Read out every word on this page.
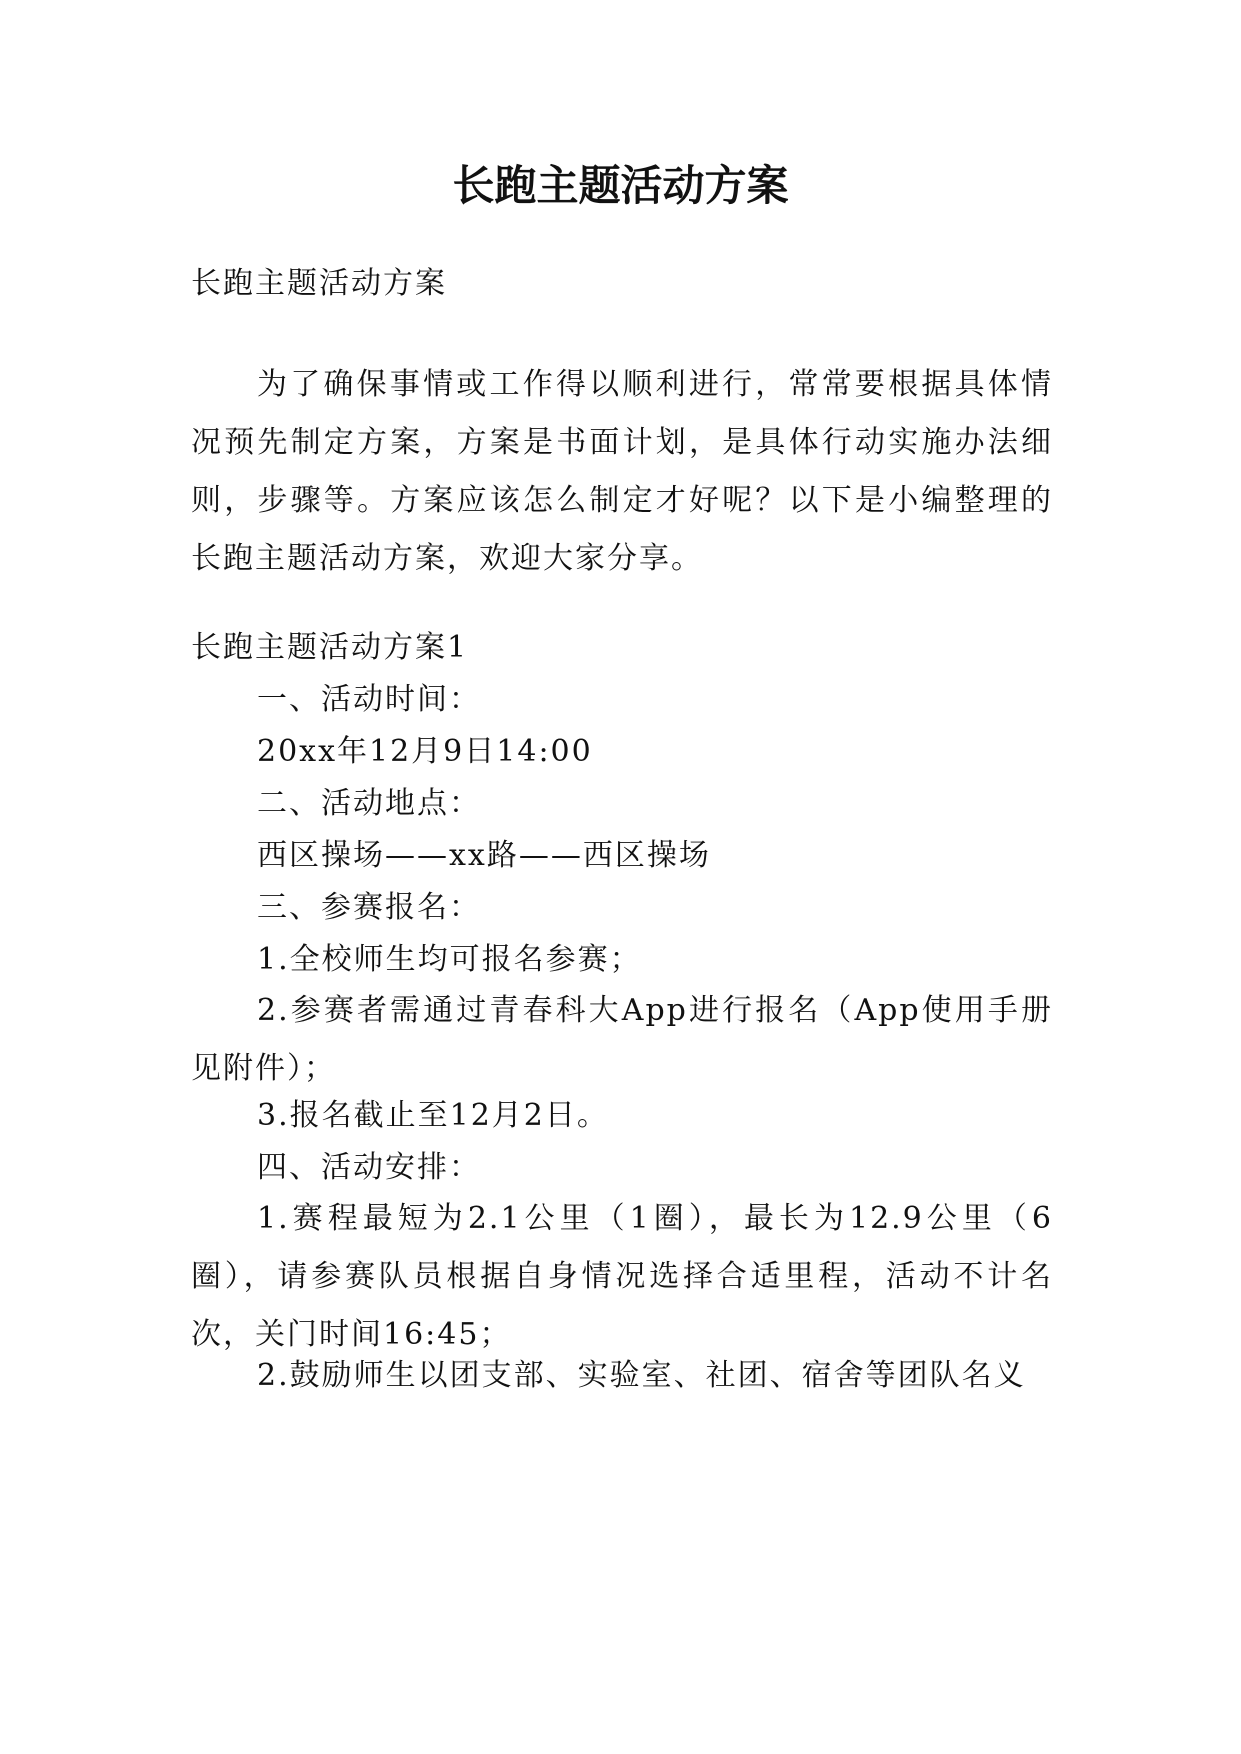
长跑主题活动方案

长跑主题活动方案

为了确保事情或工作得以顺利进行，常常要根据具体情况预先制定方案，方案是书面计划，是具体行动实施办法细则，步骤等。方案应该怎么制定才好呢？以下是小编整理的长跑主题活动方案，欢迎大家分享。

长跑主题活动方案1

一、活动时间：

20xx年12月9日14:00

二、活动地点：

西区操场——xx路——西区操场

三、参赛报名：

1.全校师生均可报名参赛；

2.参赛者需通过青春科大App进行报名（App使用手册见附件）；

3.报名截止至12月2日。

四、活动安排：

1.赛程最短为2.1公里（1圈），最长为12.9公里（6圈），请参赛队员根据自身情况选择合适里程，活动不计名次，关门时间16:45；

2.鼓励师生以团支部、实验室、社团、宿舍等团队名义
